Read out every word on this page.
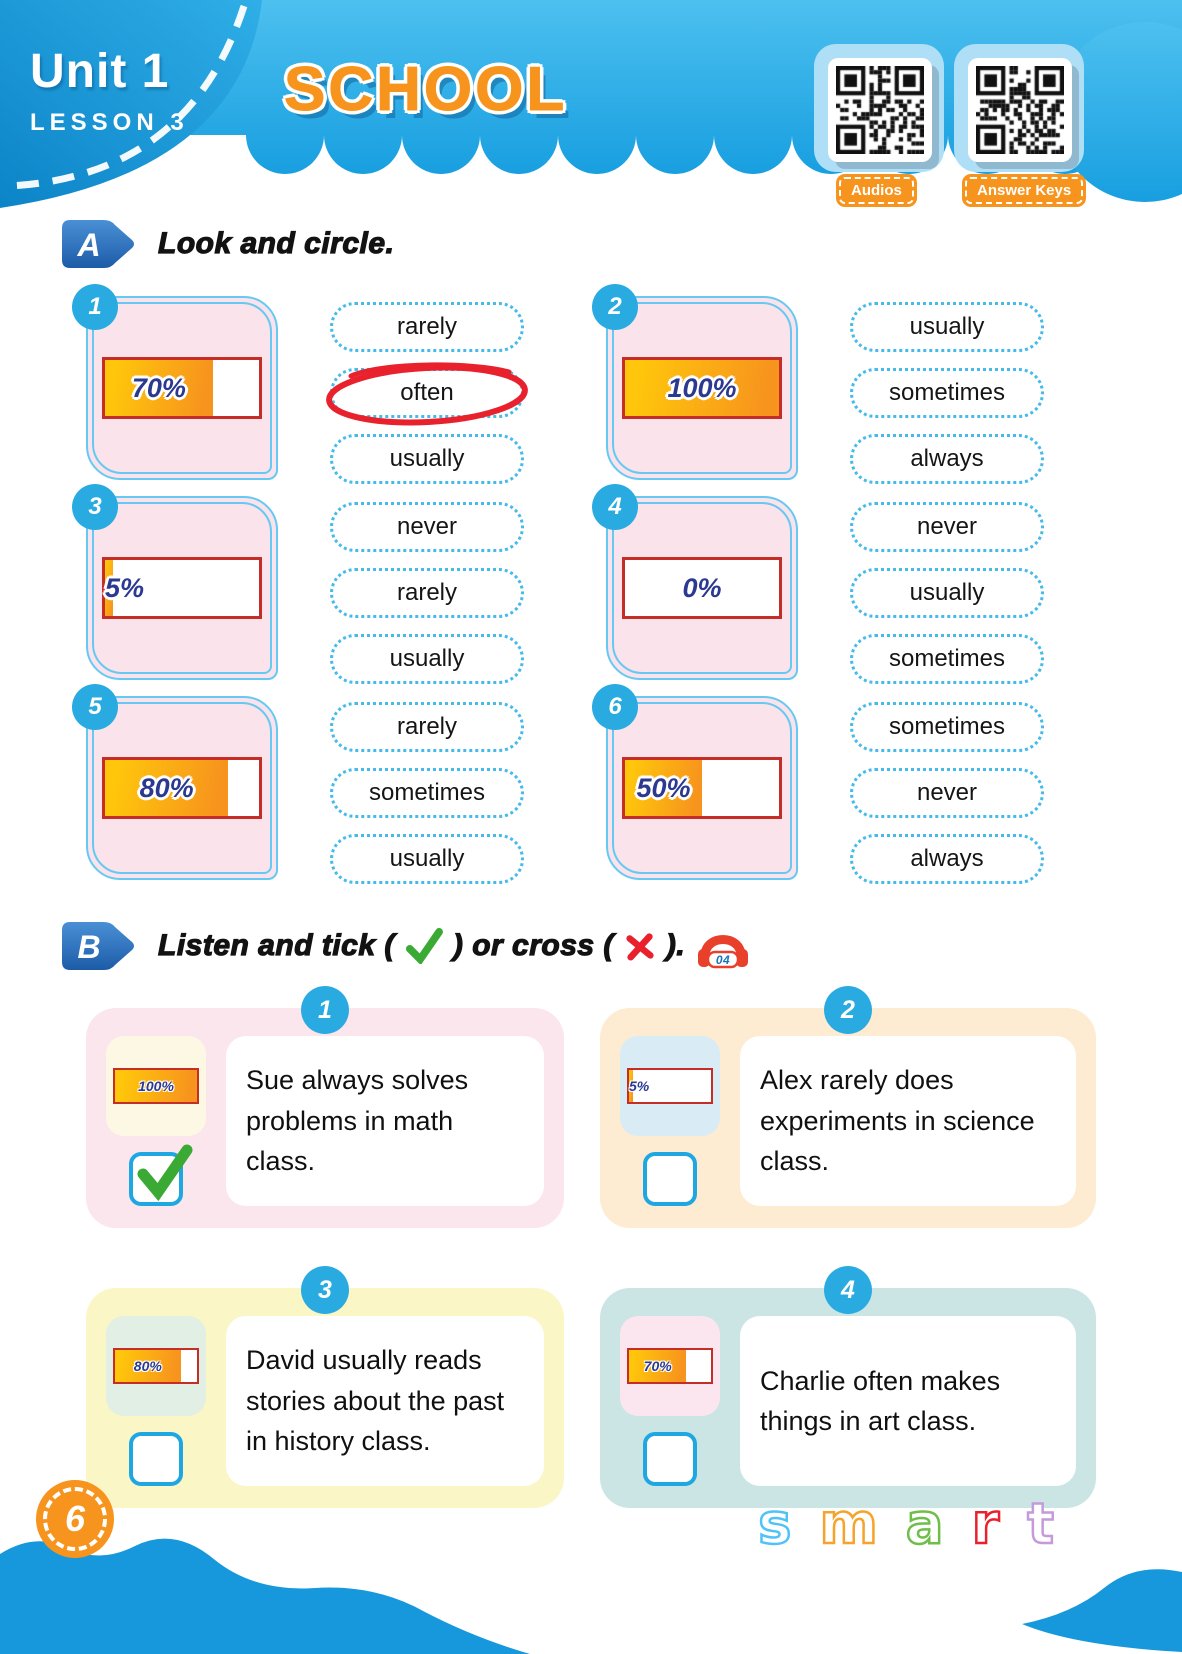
Unit 1
LESSON 3 SCHOOL
Audios	Answer Keys
A Look and circle.
1
70%
rarely
often
usually
2
100%
usually
sometimes
always
3
5%
never
rarely
usually
4
0%
never
usually
sometimes
5
80%
rarely
sometimes
usually
6
50%
sometimes
never
always
B Listen and tick ( ) or cross ( ).	04
1
100%	Sue always solves problems in math class.
2
5%	Alex rarely does experiments in science class.
3
80%	David usually reads stories about the past in history class.
4
70%	Charlie often makes things in art class.
6	smart
